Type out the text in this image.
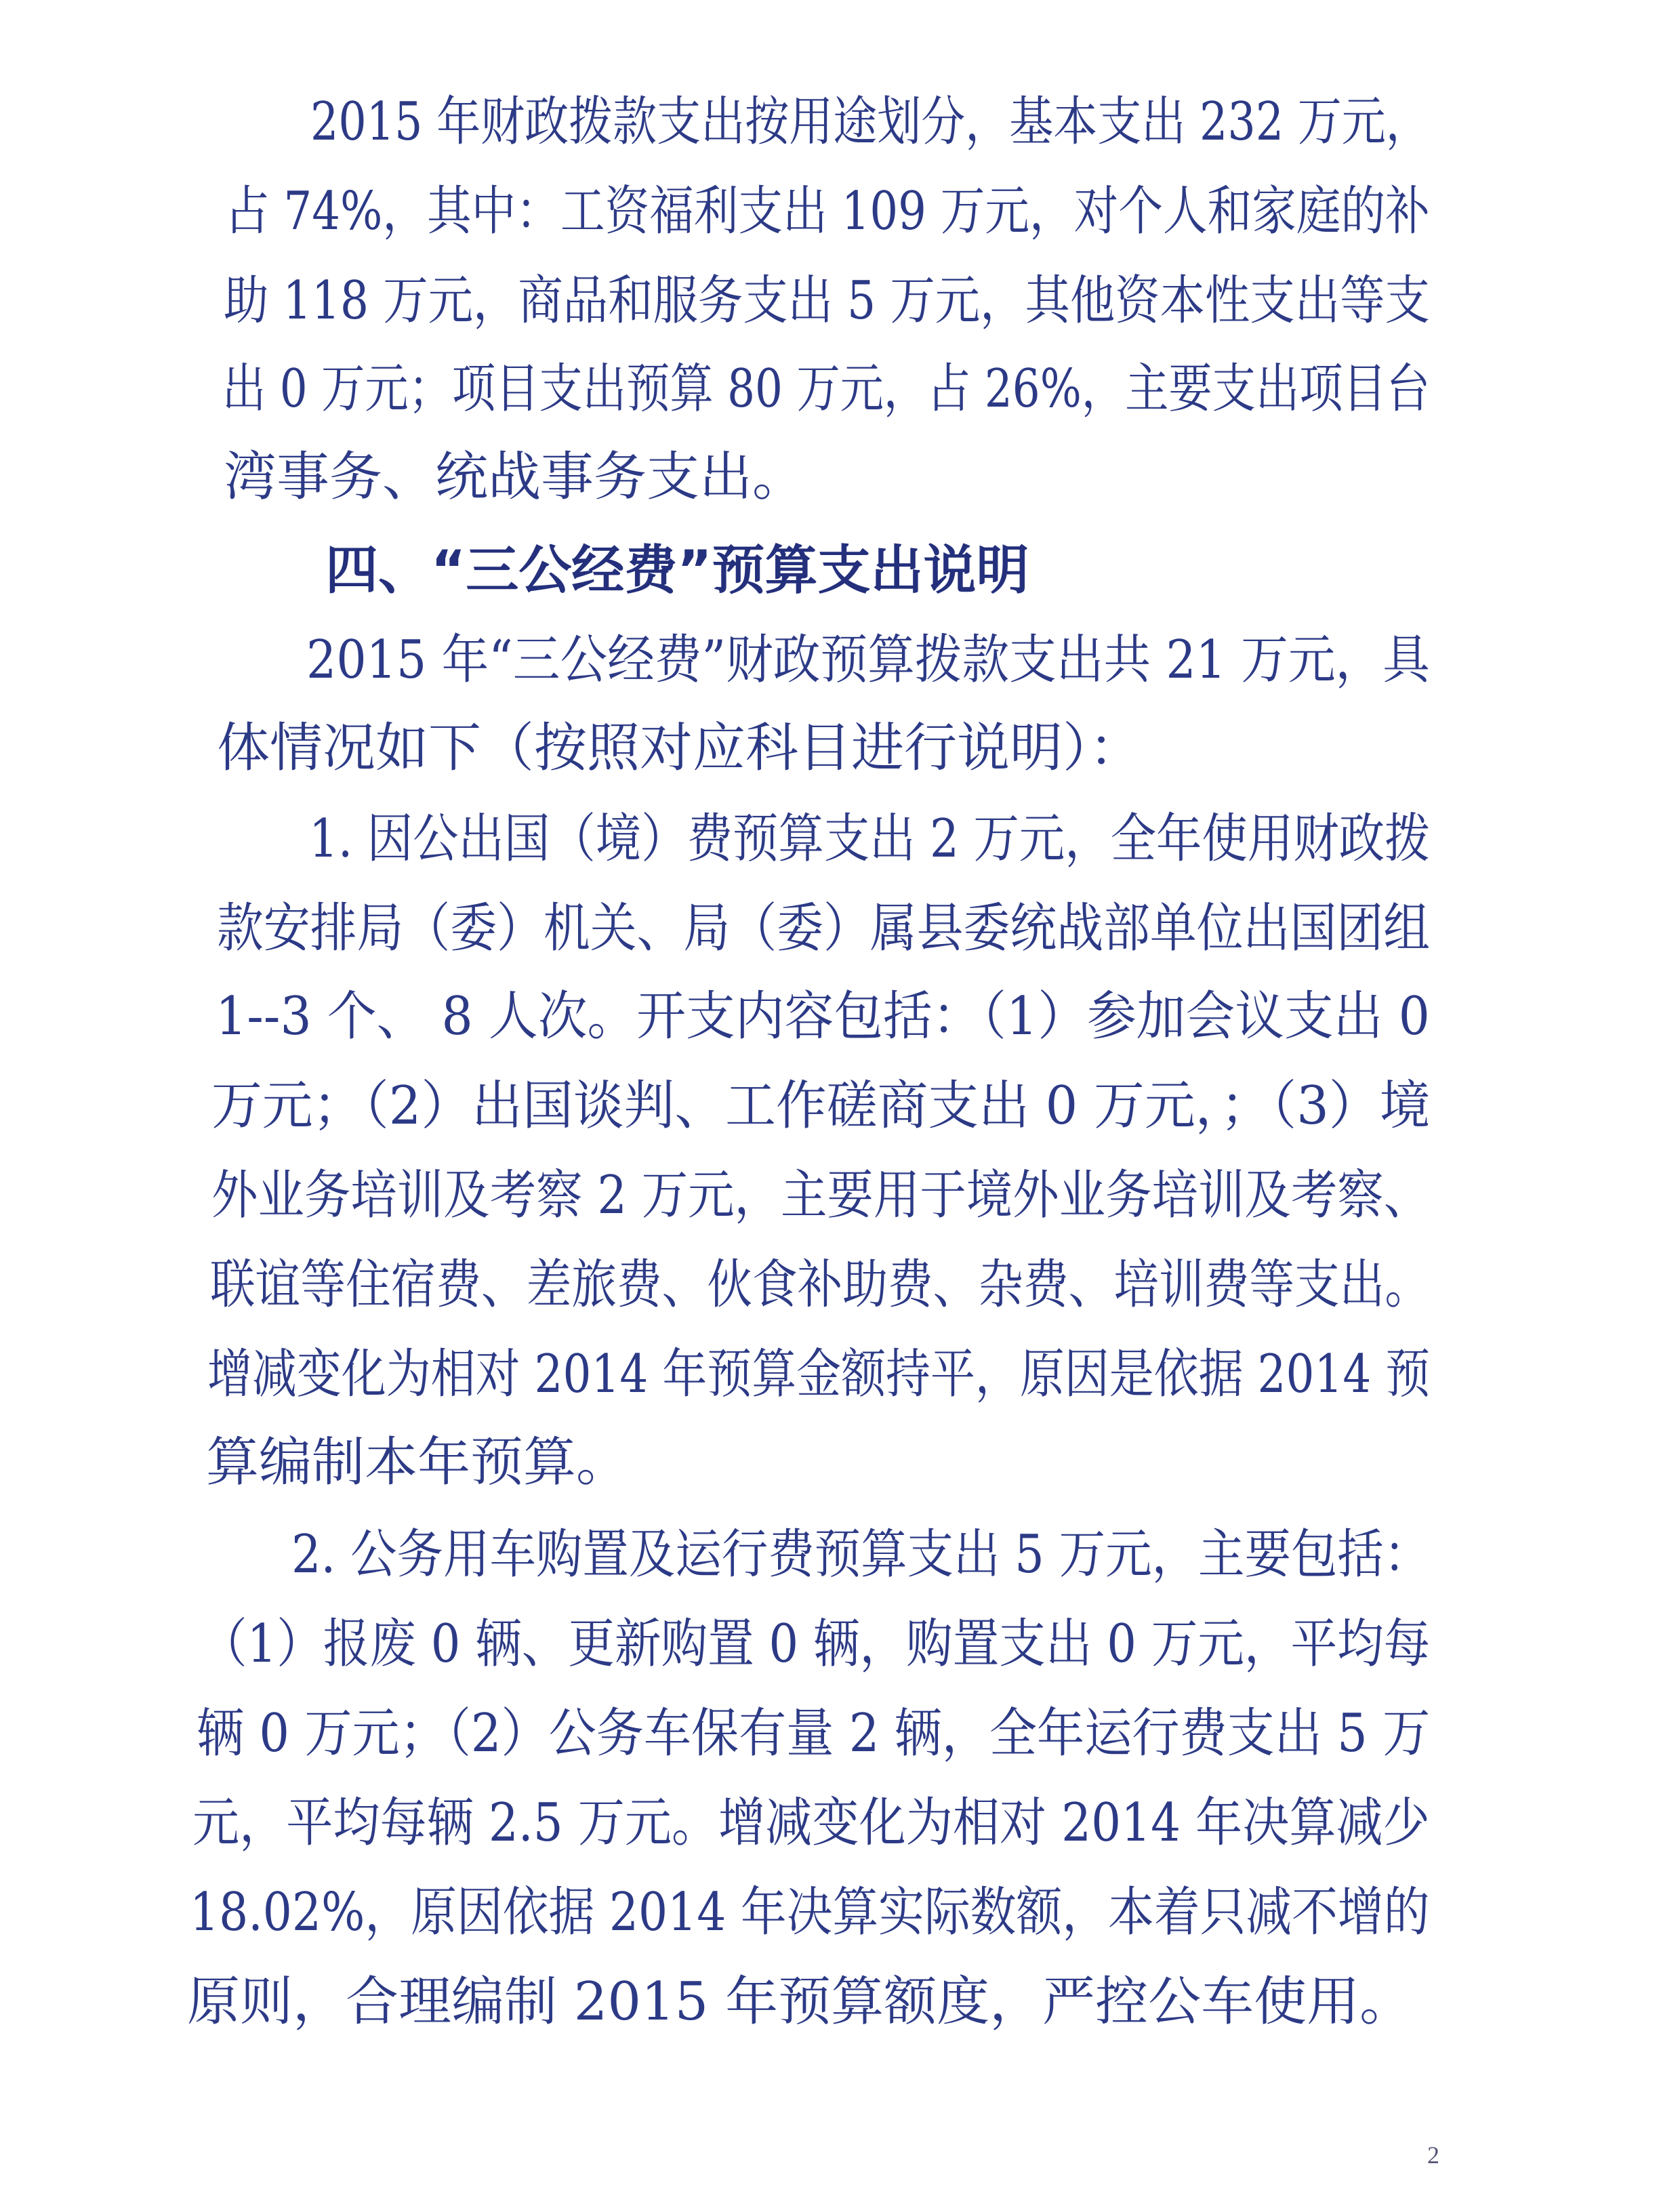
2015 年财政拨款支出按用途划分，基本支出 232 万元，
占 74%，其中：工资福利支出 109 万元，对个人和家庭的补
助 118 万元，商品和服务支出 5 万元，其他资本性支出等支
出 0 万元；项目支出预算 80 万元，占 26%，主要支出项目台
湾事务、统战事务支出。
四、“三公经费”预算支出说明
2015 年“三公经费”财政预算拨款支出共 21 万元，具
体情况如下（按照对应科目进行说明）：
1. 因公出国（境）费预算支出 2 万元，全年使用财政拨
款安排局（委）机关、局（委）属县委统战部单位出国团组
1--3 个、 8 人次。开支内容包括：（1）参加会议支出 0
万元；（2）出国谈判、工作磋商支出 0 万元，；（3）境
外业务培训及考察 2 万元，主要用于境外业务培训及考察、
联谊等住宿费、差旅费、伙食补助费、杂费、培训费等支出。
增减变化为相对 2014 年预算金额持平，原因是依据 2014 预
算编制本年预算。
2. 公务用车购置及运行费预算支出 5 万元，主要包括：
（1）报废 0 辆、更新购置 0 辆，购置支出 0 万元，平均每
辆 0 万元；（2）公务车保有量 2 辆，全年运行费支出 5 万
元，平均每辆 2.5 万元。增减变化为相对 2014 年决算减少
18.02%，原因依据 2014 年决算实际数额，本着只减不增的
原则，合理编制 2015 年预算额度，严控公车使用。
2
